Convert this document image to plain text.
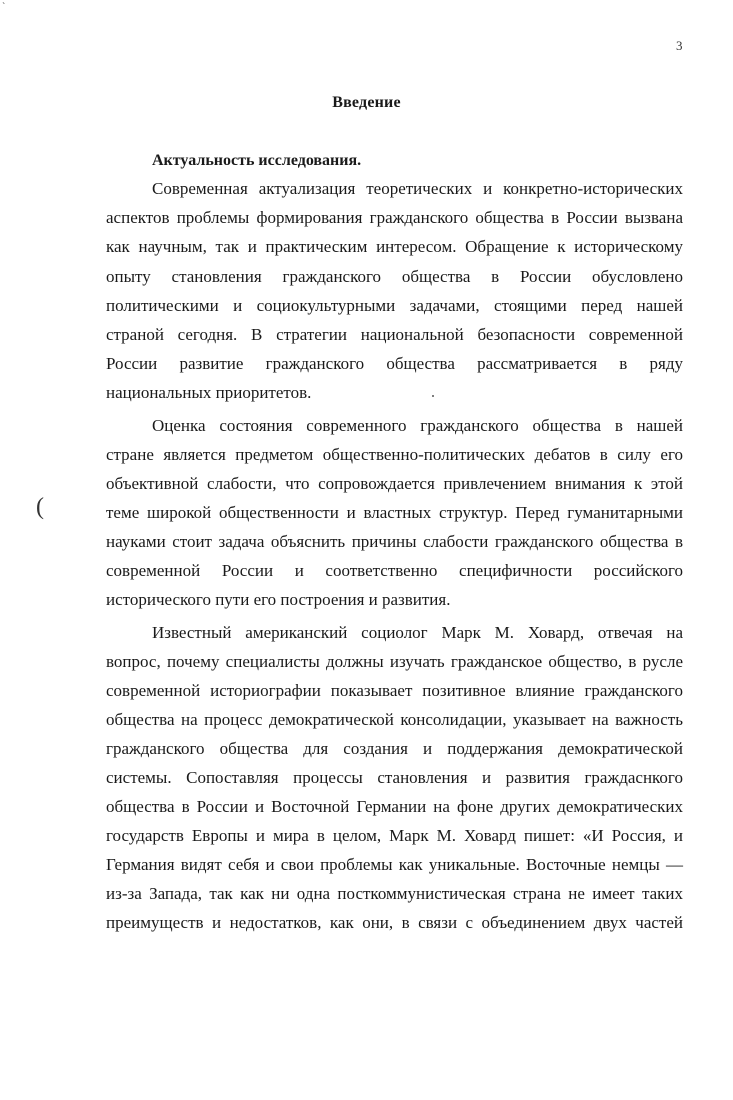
`
3
Введение
Актуальность исследования.
(
Современная актуализация теоретических и конкретно-исторических
аспектов проблемы формирования гражданского общества в России вызвана
как научным, так и практическим интересом. Обращение к историческому
опыту становления гражданского общества в России обусловлено
политическими и социокультурными задачами, стоящими перед нашей
страной сегодня. В стратегии национальной безопасности современной
России развитие гражданского общества рассматривается в ряду
национальных приоритетов.
Оценка состояния современного гражданского общества в нашей
стране является предметом общественно-политических дебатов в силу его
объективной слабости, что сопровождается привлечением внимания к этой
теме широкой общественности и властных структур. Перед гуманитарными
науками стоит задача объяснить причины слабости гражданского общества в
современной России и соответственно специфичности российского
исторического пути его построения и развития.
Известный американский социолог Марк М. Ховард, отвечая на
вопрос, почему специалисты должны изучать гражданское общество, в русле
современной историографии показывает позитивное влияние гражданского
общества на процесс демократической консолидации, указывает на важность
гражданского общества для создания и поддержания демократической
системы. Сопоставляя процессы становления и развития граждаснкого
общества в России и Восточной Германии на фоне других демократических
государств Европы и мира в целом, Марк М. Ховард пишет: «И Россия, и
Германия видят себя и свои проблемы как уникальные. Восточные немцы —
из-за Запада, так как ни одна посткоммунистическая страна не имеет таких
преимуществ и недостатков, как они, в связи с объединением двух частей
